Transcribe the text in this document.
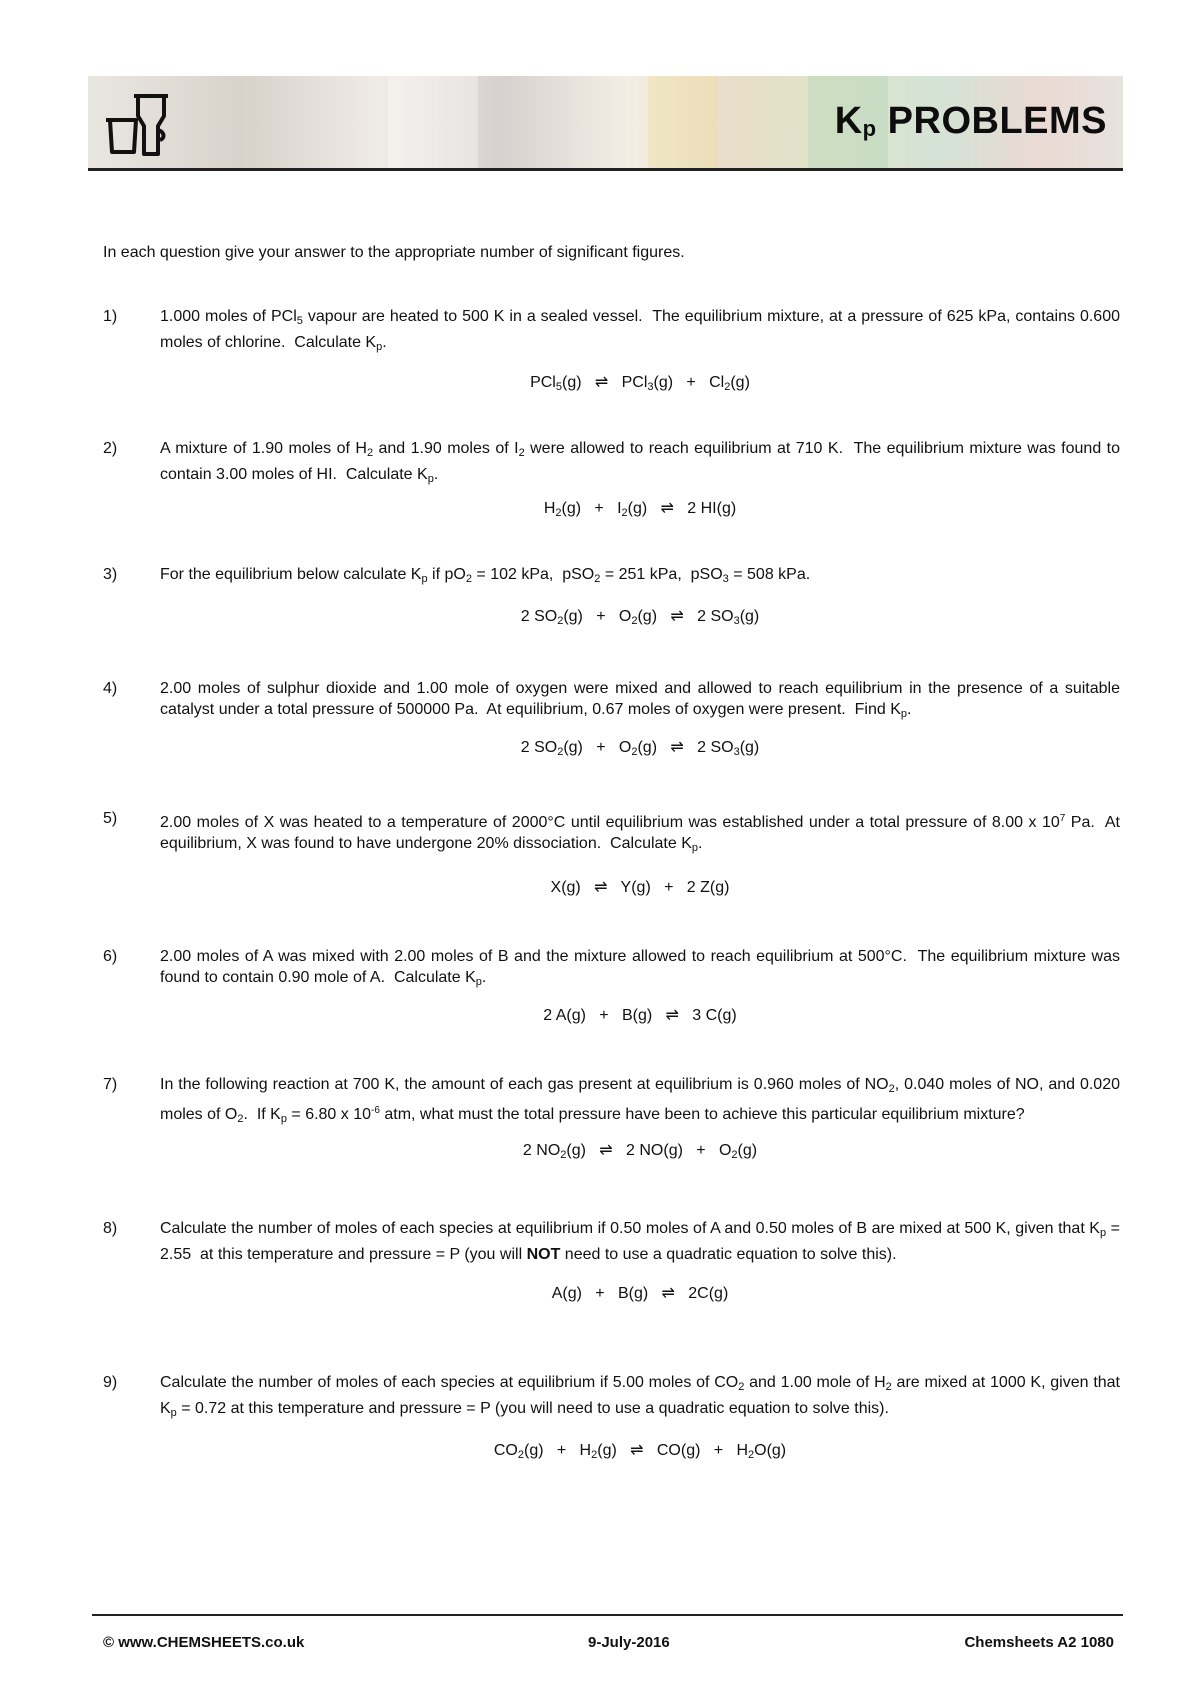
$K_p$ PROBLEMS
In each question give your answer to the appropriate number of significant figures.
1)	1.000 moles of PCl$_5$ vapour are heated to 500 K in a sealed vessel.  The equilibrium mixture, at a pressure of 625 kPa, contains 0.600 moles of chlorine.  Calculate $K_p$.
PCl$_5$(g)   ⇌   $PCl_3(g) + Cl_2(g)$
2)	A mixture of 1.90 moles of $H_2$ and 1.90 moles of $I_2$ were allowed to reach equilibrium at 710 K.  The equilibrium mixture was found to contain 3.00 moles of HI.  Calculate $K_p$.
$H_2(g) + I_2(g)$   ⇌   2 HI(g)
3)	For the equilibrium below calculate $K_p$ if $pO_2 = 102$ kPa,  pSO$_2$ = 251 kPa,  pSO$_3$ = 508 kPa.
2 $SO_2(g) + O_2(g)$   ⇌   2 $SO_3(g)$
4)	2.00 moles of sulphur dioxide and 1.00 mole of oxygen were mixed and allowed to reach equilibrium in the presence of a suitable catalyst under a total pressure of 500000 Pa.  At equilibrium, 0.67 moles of oxygen were present.  Find $K_p$.
2 $SO_2(g) + O_2(g)$   ⇌   2 $SO_3(g)$
5)	2.00 moles of X was heated to a temperature of 2000°C until equilibrium was established under a total pressure of 8.00 x $10^7$ Pa.  At equilibrium, X was found to have undergone 20% dissociation.  Calculate $K_p$.
X(g)   ⇌   Y(g)   +   2 Z(g)
6)	2.00 moles of A was mixed with 2.00 moles of B and the mixture allowed to reach equilibrium at 500°C.  The equilibrium mixture was found to contain 0.90 mole of A.  Calculate $K_p$.
2 A(g)   +   B(g)   ⇌   3 C(g)
7)	In the following reaction at 700 K, the amount of each gas present at equilibrium is 0.960 moles of $NO_2$, 0.040 moles of NO, and 0.020 moles of $O_2$.  If $K_p = 6.80$ x $10^{-6}$ atm, what must the total pressure have been to achieve this particular equilibrium mixture?
2 $NO_2(g)$   ⇌   2 $NO(g) + O_2(g)$
8)	Calculate the number of moles of each species at equilibrium if 0.50 moles of A and 0.50 moles of B are mixed at 500 K, given that $K_p = 2.55$  at this temperature and pressure = P (you will NOT need to use a quadratic equation to solve this).
A(g)   +   B(g)   ⇌   2C(g)
9)	Calculate the number of moles of each species at equilibrium if 5.00 moles of $CO_2$ and 1.00 mole of $H_2$ are mixed at 1000 K, given that $K_p = 0.72$ at this temperature and pressure = P (you will need to use a quadratic equation to solve this).
$CO_2(g) + H_2(g)$   ⇌   $CO(g) + H_2O(g)$
© www.CHEMSHEETS.co.uk	9-July-2016	Chemsheets A2 1080
